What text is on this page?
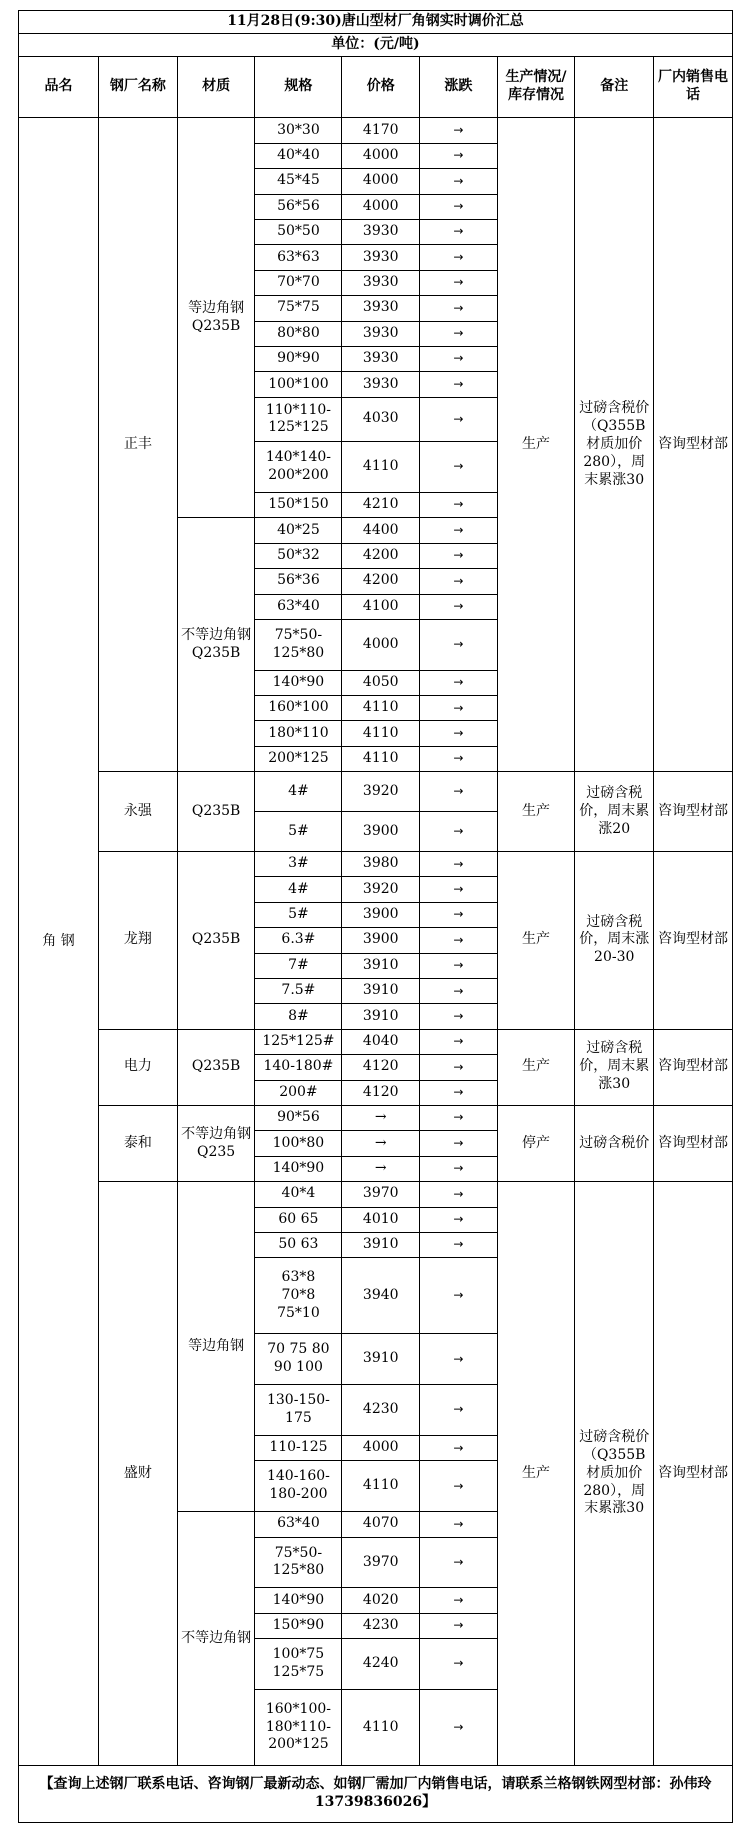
11月28日(9:30)唐山型材厂角钢实时调价汇总								
单位：(元/吨)								
品名	钢厂名称	材质	规格	价格	涨跌	生产情况/库存情况	备注	厂内销售电话
角 钢	正丰	等边角钢Q235B	30*30	4170	→	生产	过磅含税价（Q355B材质加价280），周末累涨30	咨询型材部
			40*40	4000	→			
			45*45	4000	→			
			56*56	4000	→			
			50*50	3930	→			
			63*63	3930	→			
			70*70	3930	→			
			75*75	3930	→			
			80*80	3930	→			
			90*90	3930	→			
			100*100	3930	→			
			110*110-125*125	4030	→			
			140*140-200*200	4110	→			
			150*150	4210	→			
		不等边角钢Q235B	40*25	4400	→			
			50*32	4200	→			
			56*36	4200	→			
			63*40	4100	→			
			75*50-125*80	4000	→			
			140*90	4050	→			
			160*100	4110	→			
			180*110	4110	→			
			200*125	4110	→			
	永强	Q235B	4#	3920	→	生产	过磅含税价，周末累涨20	咨询型材部
			5#	3900	→			
	龙翔	Q235B	3#	3980	→	生产	过磅含税价，周末涨20-30	咨询型材部
			4#	3920	→			
			5#	3900	→			
			6.3#	3900	→			
			7#	3910	→			
			7.5#	3910	→			
			8#	3910	→			
	电力	Q235B	125*125#	4040	→	生产	过磅含税价，周末累涨30	咨询型材部
			140-180#	4120	→			
			200#	4120	→			
	泰和	不等边角钢Q235	90*56	→	→	停产	过磅含税价	咨询型材部
			100*80	→	→			
			140*90	→	→			
	盛财	等边角钢	40*4	3970	→	生产	过磅含税价（Q355B材质加价280），周末累涨30	咨询型材部
			60 65	4010	→			
			50 63	3910	→			
			63*8
70*8
75*10	3940	→			
			70 75 80 90 100	3910	→			
			130-150-175	4230	→			
			110-125	4000	→			
			140-160-180-200	4110	→			
		不等边角钢	63*40	4070	→			
			75*50-125*80	3970	→			
			140*90	4020	→			
			150*90	4230	→			
			100*75
125*75	4240	→			
			160*100-180*110-200*125	4110	→			
【查询上述钢厂联系电话、咨询钢厂最新动态、如钢厂需加厂内销售电话，请联系兰格钢铁网型材部：孙伟玲13739836026】								
